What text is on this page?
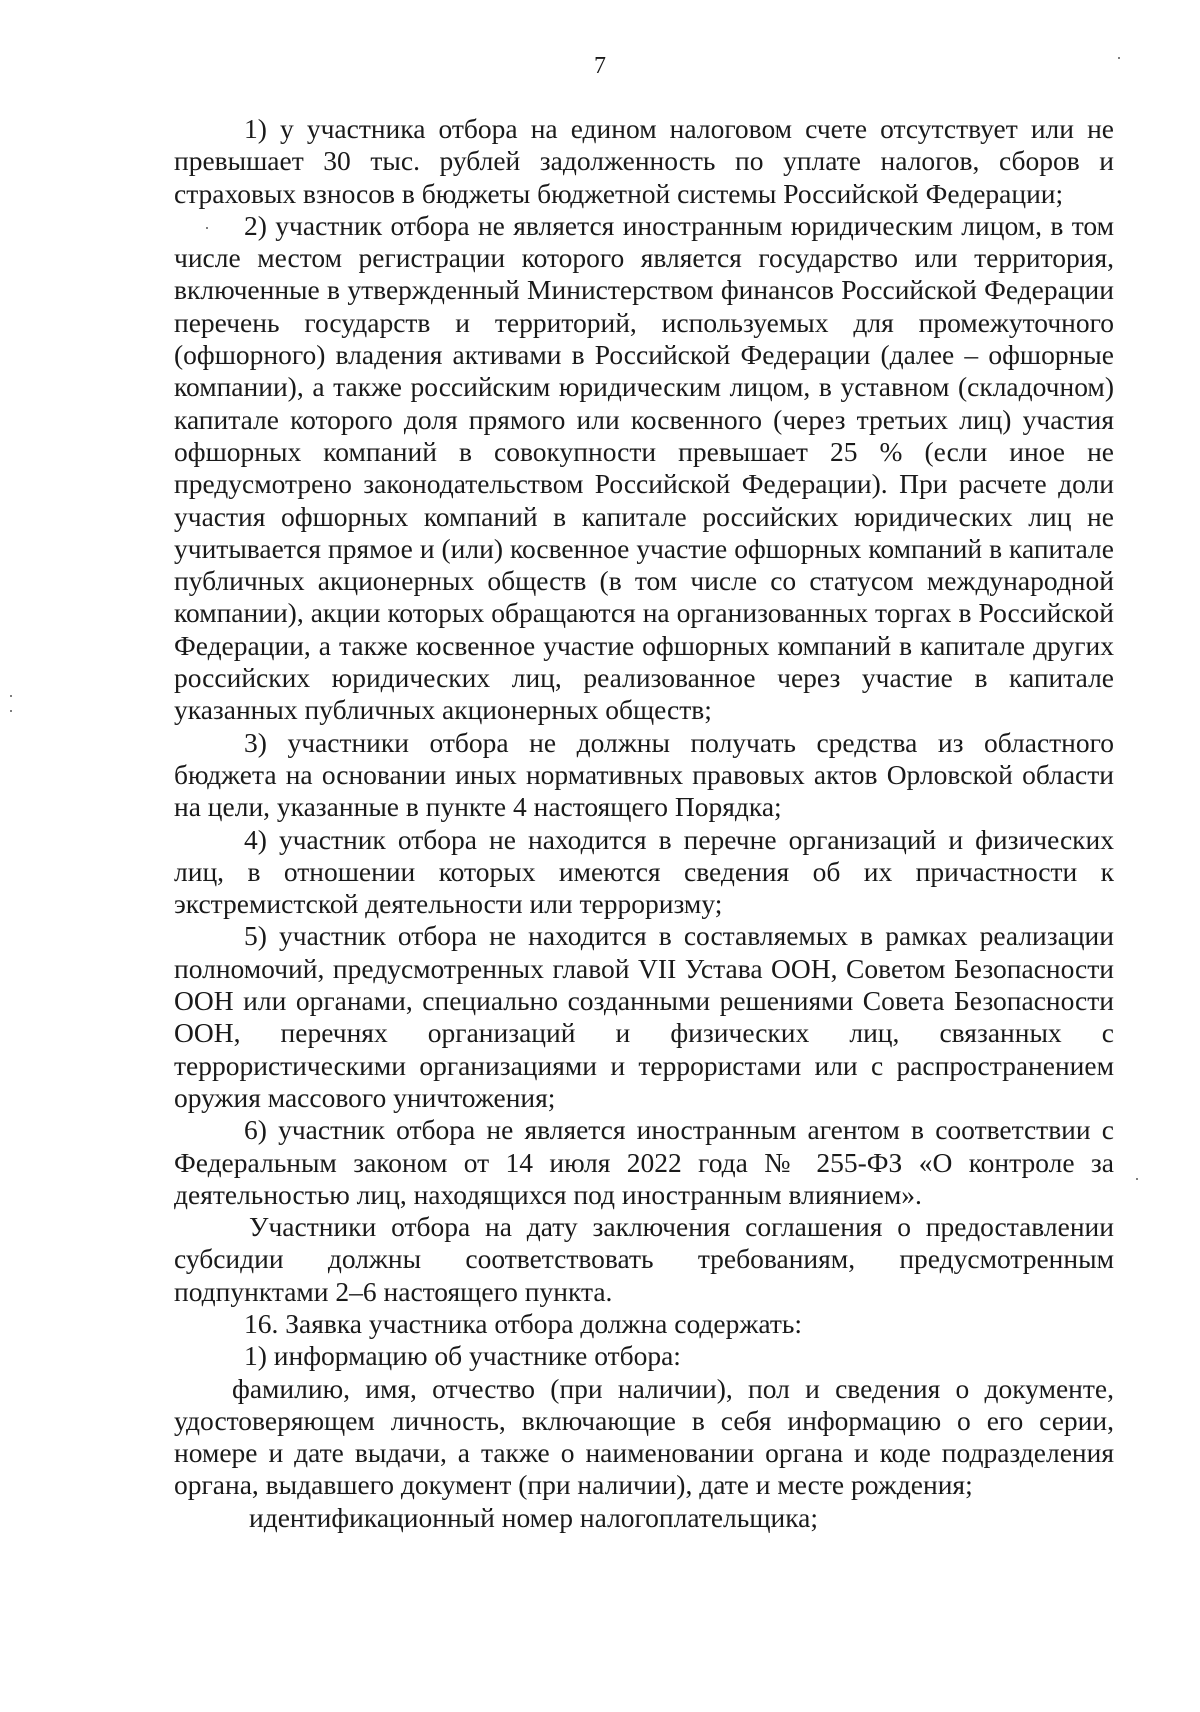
7

1) у участника отбора на едином налоговом счете отсутствует или не превышает 30 тыс. рублей задолженность по уплате налогов, сборов и страховых взносов в бюджеты бюджетной системы Российской Федерации;

2) участник отбора не является иностранным юридическим лицом, в том числе местом регистрации которого является государство или территория, включенные в утвержденный Министерством финансов Российской Федерации перечень государств и территорий, используемых для промежуточного (офшорного) владения активами в Российской Федерации (далее – офшорные компании), а также российским юридическим лицом, в уставном (складочном) капитале которого доля прямого или косвенного (через третьих лиц) участия офшорных компаний в совокупности превышает 25 % (если иное не предусмотрено законодательством Российской Федерации). При расчете доли участия офшорных компаний в капитале российских юридических лиц не учитывается прямое и (или) косвенное участие офшорных компаний в капитале публичных акционерных обществ (в том числе со статусом международной компании), акции которых обращаются на организованных торгах в Российской Федерации, а также косвенное участие офшорных компаний в капитале других российских юридических лиц, реализованное через участие в капитале указанных публичных акционерных обществ;

3) участники отбора не должны получать средства из областного бюджета на основании иных нормативных правовых актов Орловской области на цели, указанные в пункте 4 настоящего Порядка;

4) участник отбора не находится в перечне организаций и физических лиц, в отношении которых имеются сведения об их причастности к экстремистской деятельности или терроризму;

5) участник отбора не находится в составляемых в рамках реализации полномочий, предусмотренных главой VII Устава ООН, Советом Безопасности ООН или органами, специально созданными решениями Совета Безопасности ООН, перечнях организаций и физических лиц, связанных с террористическими организациями и террористами или с распространением оружия массового уничтожения;

6) участник отбора не является иностранным агентом в соответствии с Федеральным законом от 14 июля 2022 года № 255-ФЗ «О контроле за деятельностью лиц, находящихся под иностранным влиянием».

Участники отбора на дату заключения соглашения о предоставлении субсидии должны соответствовать требованиям, предусмотренным подпунктами 2–6 настоящего пункта.

16. Заявка участника отбора должна содержать:

1) информацию об участнике отбора:

фамилию, имя, отчество (при наличии), пол и сведения о документе, удостоверяющем личность, включающие в себя информацию о его серии, номере и дате выдачи, а также о наименовании органа и коде подразделения органа, выдавшего документ (при наличии), дате и месте рождения;

идентификационный номер налогоплательщика;
